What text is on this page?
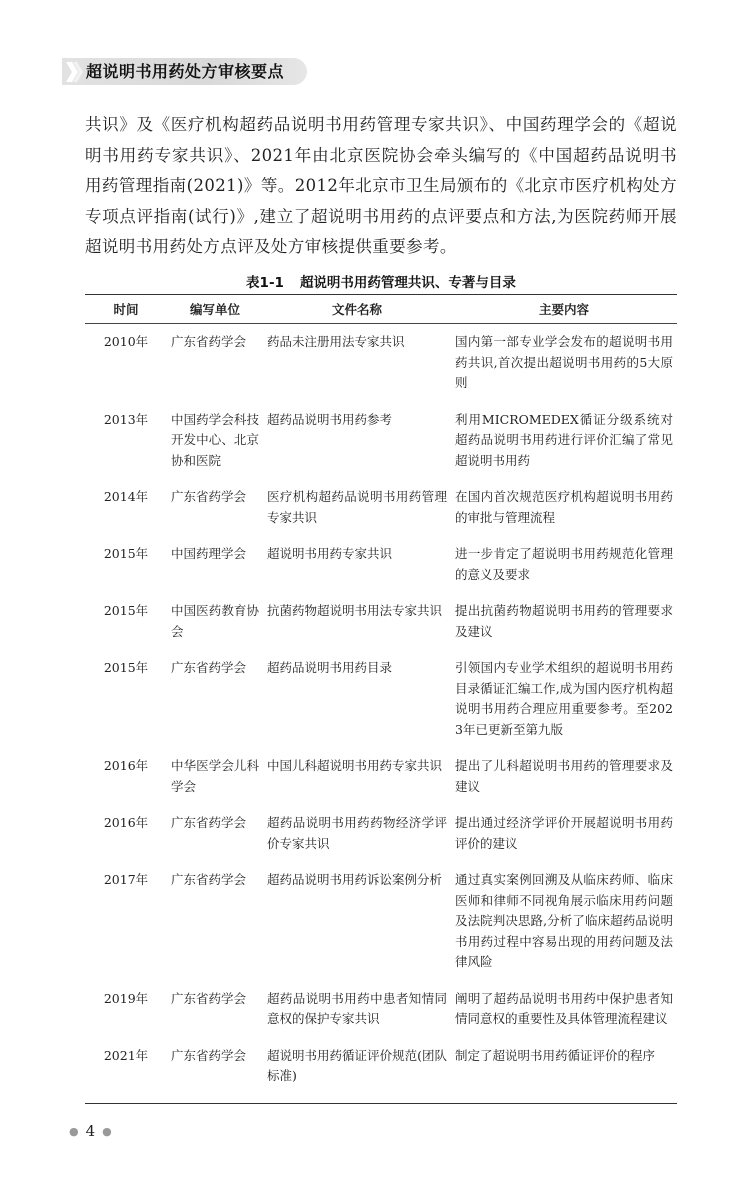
超说明书用药处方审核要点
共识》及《医疗机构超药品说明书用药管理专家共识》、中国药理学会的《超说明书用药专家共识》、2021年由北京医院协会牵头编写的《中国超药品说明书用药管理指南(2021)》等。2012年北京市卫生局颁布的《北京市医疗机构处方专项点评指南(试行)》,建立了超说明书用药的点评要点和方法,为医院药师开展超说明书用药处方点评及处方审核提供重要参考。
表1-1 超说明书用药管理共识、专著与目录
时间	编写单位	文件名称	主要内容
2010年	广东省药学会	药品未注册用法专家共识	国内第一部专业学会发布的超说明书用药共识,首次提出超说明书用药的5大原则
2013年	中国药学会科技开发中心、北京协和医院	超药品说明书用药参考	利用MICROMEDEX循证分级系统对超药品说明书用药进行评价汇编了常见超说明书用药
2014年	广东省药学会	医疗机构超药品说明书用药管理专家共识	在国内首次规范医疗机构超说明书用药的审批与管理流程
2015年	中国药理学会	超说明书用药专家共识	进一步肯定了超说明书用药规范化管理的意义及要求
2015年	中国医药教育协会	抗菌药物超说明书用法专家共识	提出抗菌药物超说明书用药的管理要求及建议
2015年	广东省药学会	超药品说明书用药目录	引领国内专业学术组织的超说明书用药目录循证汇编工作,成为国内医疗机构超说明书用药合理应用重要参考。至2023年已更新至第九版
2016年	中华医学会儿科学会	中国儿科超说明书用药专家共识	提出了儿科超说明书用药的管理要求及建议
2016年	广东省药学会	超药品说明书用药药物经济学评价专家共识	提出通过经济学评价开展超说明书用药评价的建议
2017年	广东省药学会	超药品说明书用药诉讼案例分析	通过真实案例回溯及从临床药师、临床医师和律师不同视角展示临床用药问题及法院判决思路,分析了临床超药品说明书用药过程中容易出现的用药问题及法律风险
2019年	广东省药学会	超药品说明书用药中患者知情同意权的保护专家共识	阐明了超药品说明书用药中保护患者知情同意权的重要性及具体管理流程建议
2021年	广东省药学会	超说明书用药循证评价规范(团队标准)	制定了超说明书用药循证评价的程序
● 4 ●
